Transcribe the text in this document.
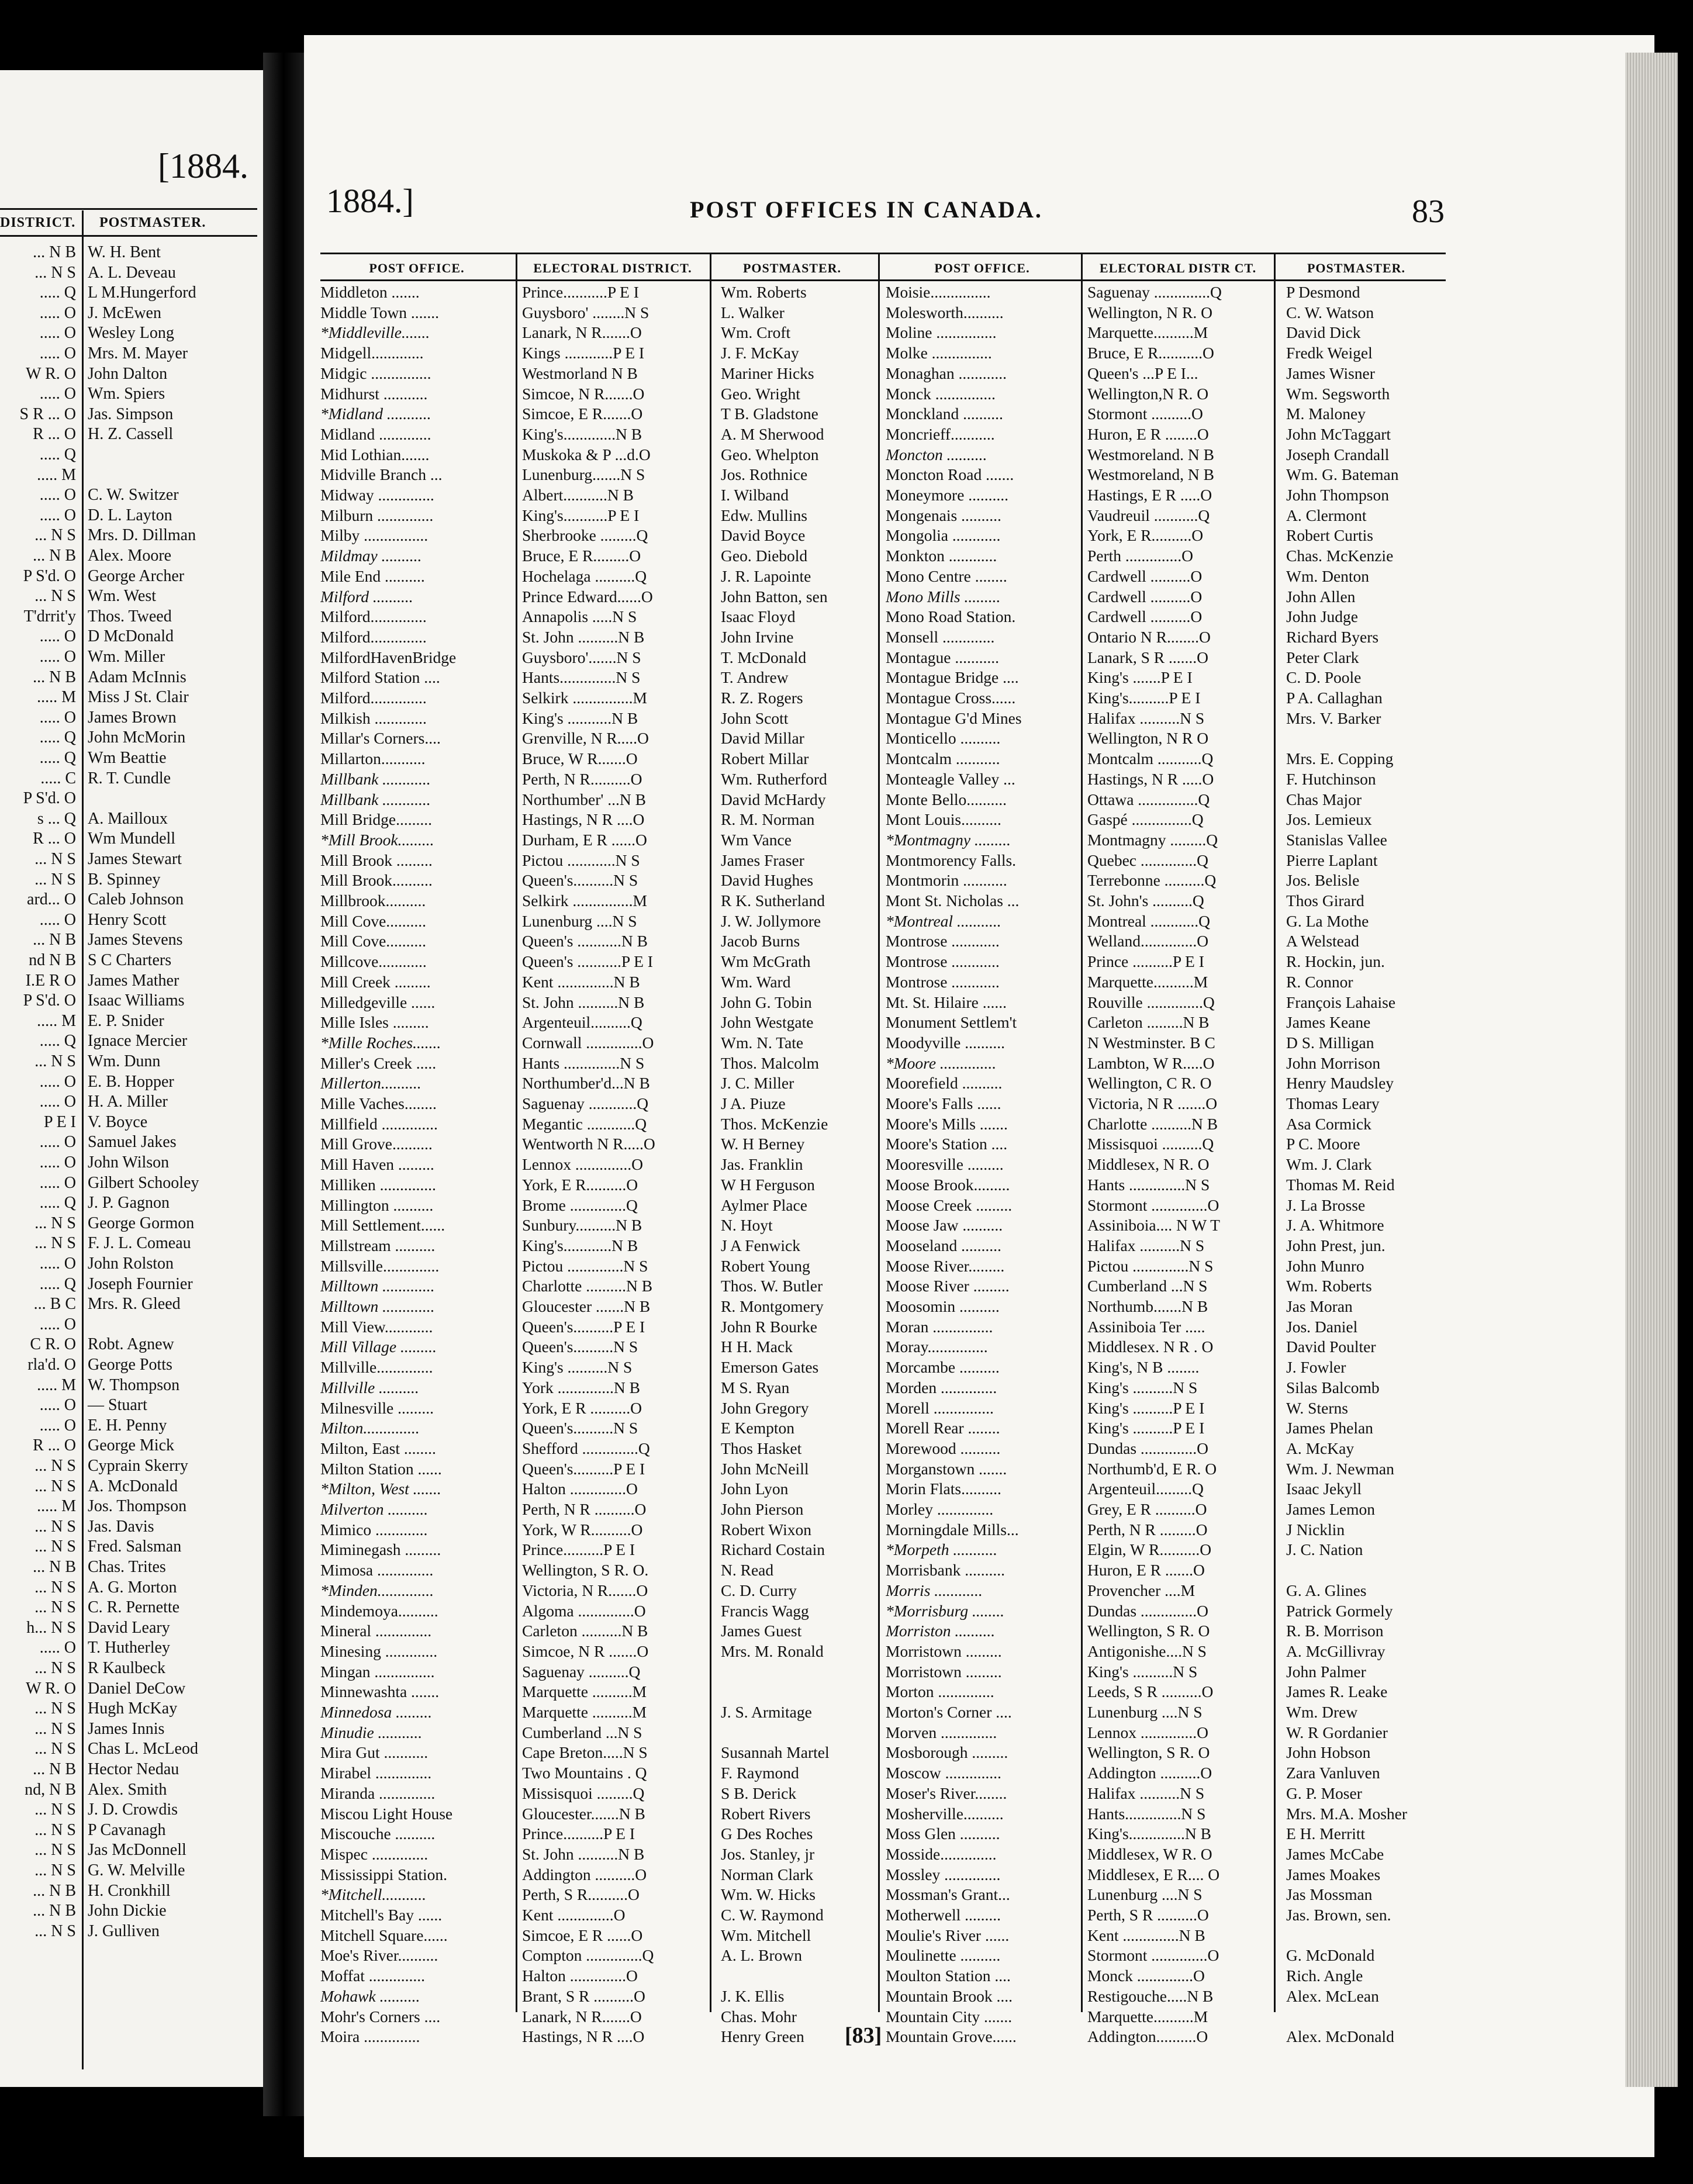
[1884.
DISTRICT. POSTMASTER.
... N B W. H. Bent
... N S A. L. Deveau
..... Q L M.Hungerford
..... O J. McEwen
..... O Wesley Long
..... O Mrs. M. Mayer
W R. O John Dalton
..... O Wm. Spiers
S R ... O Jas. Simpson
R ... O H. Z. Cassell
..... Q
..... M
..... O C. W. Switzer
..... O D. L. Layton
... N S Mrs. D. Dillman
... N B Alex. Moore
P S'd. O George Archer
... N S Wm. West
T'drrit'y Thos. Tweed
..... O D McDonald
..... O Wm. Miller
... N B Adam McInnis
..... M Miss J St. Clair
..... O James Brown
..... Q John McMorin
..... Q Wm Beattie
..... C R. T. Cundle
P S'd. O
s ... Q A. Mailloux
R ... O Wm Mundell
... N S James Stewart
... N S B. Spinney
ard... O Caleb Johnson
..... O Henry Scott
... N B James Stevens
nd N B S C Charters
I.E R O James Mather
P S'd. O Isaac Williams
..... M E. P. Snider
..... Q Ignace Mercier
... N S Wm. Dunn
..... O E. B. Hopper
..... O H. A. Miller
P E I V. Boyce
..... O Samuel Jakes
..... O John Wilson
..... O Gilbert Schooley
..... Q J. P. Gagnon
... N S George Gormon
... N S F. J. L. Comeau
..... O John Rolston
..... Q Joseph Fournier
... B C Mrs. R. Gleed
..... O
C R. O Robt. Agnew
rla'd. O George Potts
..... M W. Thompson
..... O — Stuart
..... O E. H. Penny
R ... O George Mick
... N S Cyprain Skerry
... N S A. McDonald
..... M Jos. Thompson
... N S Jas. Davis
... N S Fred. Salsman
... N B Chas. Trites
... N S A. G. Morton
... N S C. R. Pernette
h... N S David Leary
..... O T. Hutherley
... N S R Kaulbeck
W R. O Daniel DeCow
... N S Hugh McKay
... N S James Innis
... N S Chas L. McLeod
... N B Hector Nedau
nd, N B Alex. Smith
... N S J. D. Crowdis
... N S P Cavanagh
... N S Jas McDonnell
... N S G. W. Melville
... N B H. Cronkhill
... N B John Dickie
... N S J. Gulliven
1884.]	POST OFFICES IN CANADA.	83
POST OFFICE.	ELECTORAL DISTRICT.	POSTMASTER.	POST OFFICE.	ELECTORAL DISTR CT.	POSTMASTER.
Middleton .......	Prince...........P E I	Wm. Roberts
Middle Town .......	Guysboro' ........N S	L. Walker
*Middleville.......	Lanark, N R.......O	Wm. Croft
Midgell.............	Kings ............P E I	J. F. McKay
Midgic ...............	Westmorland N B	Mariner Hicks
Midhurst ...........	Simcoe, N R.......O	Geo. Wright
*Midland ...........	Simcoe, E R.......O	T B. Gladstone
Midland .............	King's.............N B	A. M Sherwood
Mid Lothian.......	Muskoka & P ...d.O	Geo. Whelpton
Midville Branch ...	Lunenburg.......N S	Jos. Rothnice
Midway ..............	Albert...........N B	I. Wilband
Milburn ..............	King's...........P E I	Edw. Mullins
Milby ................	Sherbrooke .........Q	David Boyce
Mildmay ..........	Bruce, E R.........O	Geo. Diebold
Mile End ..........	Hochelaga ..........Q	J. R. Lapointe
Milford ..........	Prince Edward......O	John Batton, sen
Milford..............	Annapolis .....N S	Isaac Floyd
Milford..............	St. John ..........N B	John Irvine
MilfordHavenBridge	Guysboro'.......N S	T. McDonald
Milford Station ....	Hants..............N S	T. Andrew
Milford..............	Selkirk ...............M	R. Z. Rogers
Milkish .............	King's ...........N B	John Scott
Millar's Corners....	Grenville, N R.....O	David Millar
Millarton...........	Bruce, W R.......O	Robert Millar
Millbank ............	Perth, N R..........O	Wm. Rutherford
Millbank ............	Northumber' ...N B	David McHardy
Mill Bridge.........	Hastings, N R ....O	R. M. Norman
*Mill Brook.........	Durham, E R ......O	Wm Vance
Mill Brook .........	Pictou ............N S	James Fraser
Mill Brook..........	Queen's..........N S	David Hughes
Millbrook..........	Selkirk ...............M	R K. Sutherland
Mill Cove..........	Lunenburg ....N S	J. W. Jollymore
Mill Cove..........	Queen's ...........N B	Jacob Burns
Millcove............	Queen's ...........P E I	Wm McGrath
Mill Creek .........	Kent ..............N B	Wm. Ward
Milledgeville ......	St. John ..........N B	John G. Tobin
Mille Isles .........	Argenteuil..........Q	John Westgate
*Mille Roches.......	Cornwall ..............O	Wm. N. Tate
Miller's Creek .....	Hants ..............N S	Thos. Malcolm
Millerton..........	Northumber'd...N B	J. C. Miller
Mille Vaches........	Saguenay ............Q	J A. Piuze
Millfield ..............	Megantic ............Q	Thos. McKenzie
Mill Grove..........	Wentworth N R.....O	W. H Berney
Mill Haven .........	Lennox ..............O	Jas. Franklin
Milliken ..............	York, E R..........O	W H Ferguson
Millington ..........	Brome ..............Q	Aylmer Place
Mill Settlement......	Sunbury..........N B	N. Hoyt
Millstream ..........	King's............N B	J A Fenwick
Millsville..............	Pictou ..............N S	Robert Young
Milltown .............	Charlotte ..........N B	Thos. W. Butler
Milltown .............	Gloucester .......N B	R. Montgomery
Mill View............	Queen's..........P E I	John R Bourke
Mill Village .........	Queen's..........N S	H H. Mack
Millville..............	King's ..........N S	Emerson Gates
Millville ..........	York ..............N B	M S. Ryan
Milnesville .........	York, E R ..........O	John Gregory
Milton..............	Queen's..........N S	E Kempton
Milton, East ........	Shefford ..............Q	Thos Hasket
Milton Station ......	Queen's..........P E I	John McNeill
*Milton, West .......	Halton ..............O	John Lyon
Milverton ..........	Perth, N R ..........O	John Pierson
Mimico .............	York, W R..........O	Robert Wixon
Miminegash .........	Prince..........P E I	Richard Costain
Mimosa ..............	Wellington, S R. O.	N. Read
*Minden..............	Victoria, N R.......O	C. D. Curry
Mindemoya..........	Algoma ..............O	Francis Wagg
Mineral ..............	Carleton ..........N B	James Guest
Minesing .............	Simcoe, N R .......O	Mrs. M. Ronald
Mingan ...............	Saguenay ..........Q
Minnewashta .......	Marquette ..........M
Minnedosa .........	Marquette ..........M	J. S. Armitage
Minudie ...........	Cumberland ...N S
Mira Gut ...........	Cape Breton.....N S	Susannah Martel
Mirabel ..............	Two Mountains . Q	F. Raymond
Miranda ..............	Missisquoi .........Q	S B. Derick
Miscou Light House	Gloucester.......N B	Robert Rivers
Miscouche ..........	Prince..........P E I	G Des Roches
Mispec ..............	St. John ..........N B	Jos. Stanley, jr
Mississippi Station.	Addington ..........O	Norman Clark
*Mitchell...........	Perth, S R..........O	Wm. W. Hicks
Mitchell's Bay ......	Kent ..............O	C. W. Raymond
Mitchell Square......	Simcoe, E R ......O	Wm. Mitchell
Moe's River..........	Compton ..............Q	A. L. Brown
Moffat ..............	Halton ..............O
Mohawk ..........	Brant, S R ..........O	J. K. Ellis
Mohr's Corners ....	Lanark, N R.......O	Chas. Mohr
Moira ..............	Hastings, N R ....O	Henry Green
Moisie...............	Saguenay ..............Q	P Desmond
Molesworth..........	Wellington, N R. O	C. W. Watson
Moline ...............	Marquette..........M	David Dick
Molke ...............	Bruce, E R...........O	Fredk Weigel
Monaghan ............	Queen's ...P E I...	James Wisner
Monck ...............	Wellington,N R. O	Wm. Segsworth
Monckland ..........	Stormont ..........O	M. Maloney
Moncrieff...........	Huron, E R ........O	John McTaggart
Moncton ..........	Westmoreland. N B	Joseph Crandall
Moncton Road .......	Westmoreland, N B	Wm. G. Bateman
Moneymore ..........	Hastings, E R .....O	John Thompson
Mongenais ..........	Vaudreuil ...........Q	A. Clermont
Mongolia ............	York, E R..........O	Robert Curtis
Monkton ............	Perth ..............O	Chas. McKenzie
Mono Centre ........	Cardwell ..........O	Wm. Denton
Mono Mills .........	Cardwell ..........O	John Allen
Mono Road Station.	Cardwell ..........O	John Judge
Monsell .............	Ontario N R........O	Richard Byers
Montague ...........	Lanark, S R .......O	Peter Clark
Montague Bridge ....	King's .......P E I	C. D. Poole
Montague Cross......	King's..........P E I	P A. Callaghan
Montague G'd Mines	Halifax ..........N S	Mrs. V. Barker
Monticello ..........	Wellington, N R O
Montcalm ...........	Montcalm ...........Q	Mrs. E. Copping
Monteagle Valley ...	Hastings, N R .....O	F. Hutchinson
Monte Bello..........	Ottawa ...............Q	Chas Major
Mont Louis..........	Gaspé ...............Q	Jos. Lemieux
*Montmagny .........	Montmagny .........Q	Stanislas Vallee
Montmorency Falls.	Quebec ..............Q	Pierre Laplant
Montmorin ...........	Terrebonne ..........Q	Jos. Belisle
Mont St. Nicholas ...	St. John's ..........Q	Thos Girard
*Montreal ...........	Montreal ............Q	G. La Mothe
Montrose ............	Welland..............O	A Welstead
Montrose ............	Prince ..........P E I	R. Hockin, jun.
Montrose ............	Marquette..........M	R. Connor
Mt. St. Hilaire ......	Rouville ..............Q	François Lahaise
Monument Settlem't	Carleton .........N B	James Keane
Moodyville ..........	N Westminster. B C	D S. Milligan
*Moore ..............	Lambton, W R.....O	John Morrison
Moorefield ..........	Wellington, C R. O	Henry Maudsley
Moore's Falls ......	Victoria, N R .......O	Thomas Leary
Moore's Mills .......	Charlotte ..........N B	Asa Cormick
Moore's Station ....	Missisquoi ..........Q	P C. Moore
Mooresville .........	Middlesex, N R. O	Wm. J. Clark
Moose Brook.........	Hants ..............N S	Thomas M. Reid
Moose Creek .........	Stormont ..............O	J. La Brosse
Moose Jaw ..........	Assiniboia.... N W T	J. A. Whitmore
Mooseland ..........	Halifax ..........N S	John Prest, jun.
Moose River.........	Pictou ..............N S	John Munro
Moose River .........	Cumberland ...N S	Wm. Roberts
Moosomin ..........	Northumb.......N B	Jas Moran
Moran ...............	Assiniboia Ter .....	Jos. Daniel
Moray...............	Middlesex. N R . O	David Poulter
Morcambe ..........	King's, N B ........	J. Fowler
Morden ..............	King's ..........N S	Silas Balcomb
Morell ...............	King's ..........P E I	W. Sterns
Morell Rear ........	King's ..........P E I	James Phelan
Morewood ..........	Dundas ..............O	A. McKay
Morganstown .......	Northumb'd, E R. O	Wm. J. Newman
Morin Flats..........	Argenteuil.........Q	Isaac Jekyll
Morley ..............	Grey, E R ..........O	James Lemon
Morningdale Mills...	Perth, N R .........O	J Nicklin
*Morpeth ...........	Elgin, W R..........O	J. C. Nation
Morrisbank ..........	Huron, E R .......O
Morris ............	Provencher ....M	G. A. Glines
*Morrisburg ........	Dundas ..............O	Patrick Gormely
Morriston ..........	Wellington, S R. O	R. B. Morrison
Morristown .........	Antigonishe....N S	A. McGillivray
Morristown .........	King's ..........N S	John Palmer
Morton ..............	Leeds, S R ..........O	James R. Leake
Morton's Corner ....	Lunenburg ....N S	Wm. Drew
Morven ..............	Lennox ..............O	W. R Gordanier
Mosborough .........	Wellington, S R. O	John Hobson
Moscow ..............	Addington ..........O	Zara Vanluven
Moser's River........	Halifax ..........N S	G. P. Moser
Mosherville..........	Hants..............N S	Mrs. M.A. Mosher
Moss Glen ..........	King's..............N B	E H. Merritt
Mosside..............	Middlesex, W R. O	James McCabe
Mossley ..............	Middlesex, E R.... O	James Moakes
Mossman's Grant...	Lunenburg ....N S	Jas Mossman
Motherwell .........	Perth, S R ..........O	Jas. Brown, sen.
Moulie's River ......	Kent ..............N B
Moulinette ..........	Stormont ..............O	G. McDonald
Moulton Station ....	Monck ..............O	Rich. Angle
Mountain Brook ....	Restigouche.....N B	Alex. McLean
Mountain City .......	Marquette..........M
Mountain Grove......	Addington..........O	Alex. McDonald
[83]
